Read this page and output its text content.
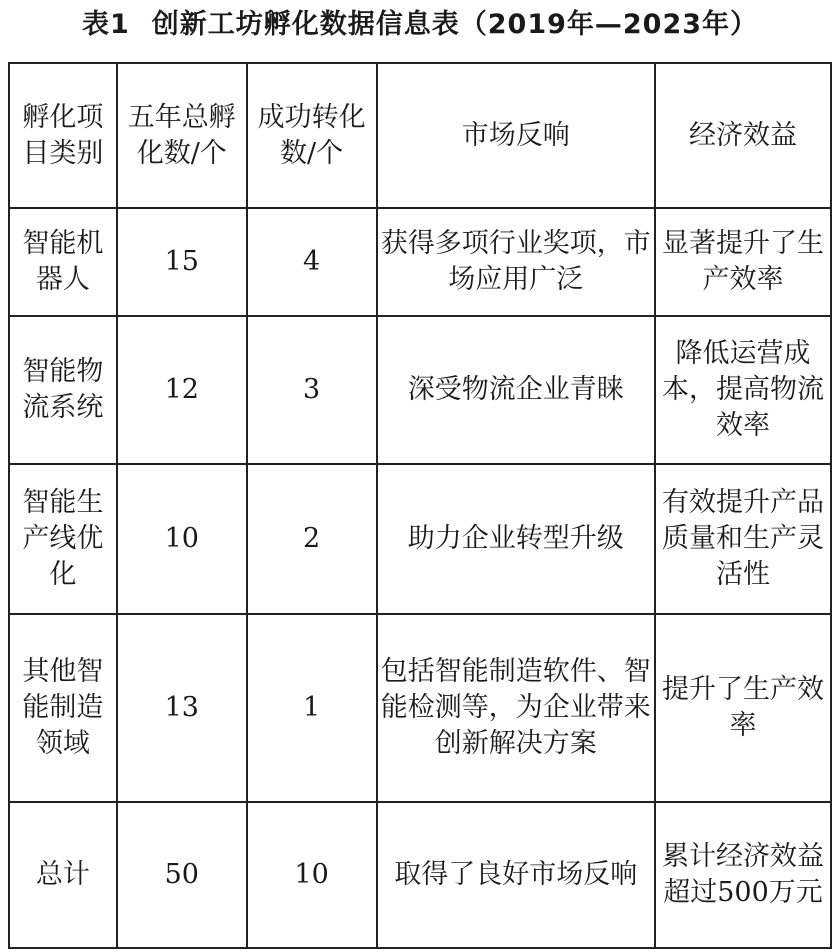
表1 创新工坊孵化数据信息表（2019年—2023年）
孵化项目类别	五年总孵化数/个	成功转化数/个	市场反响	经济效益
智能机器人	15	4	获得多项行业奖项，市场应用广泛	显著提升了生产效率
智能物流系统	12	3	深受物流企业青睐	降低运营成本，提高物流效率
智能生产线优化	10	2	助力企业转型升级	有效提升产品质量和生产灵活性
其他智能制造领域	13	1	包括智能制造软件、智能检测等，为企业带来创新解决方案	提升了生产效率
总计	50	10	取得了良好市场反响	累计经济效益超过500万元
